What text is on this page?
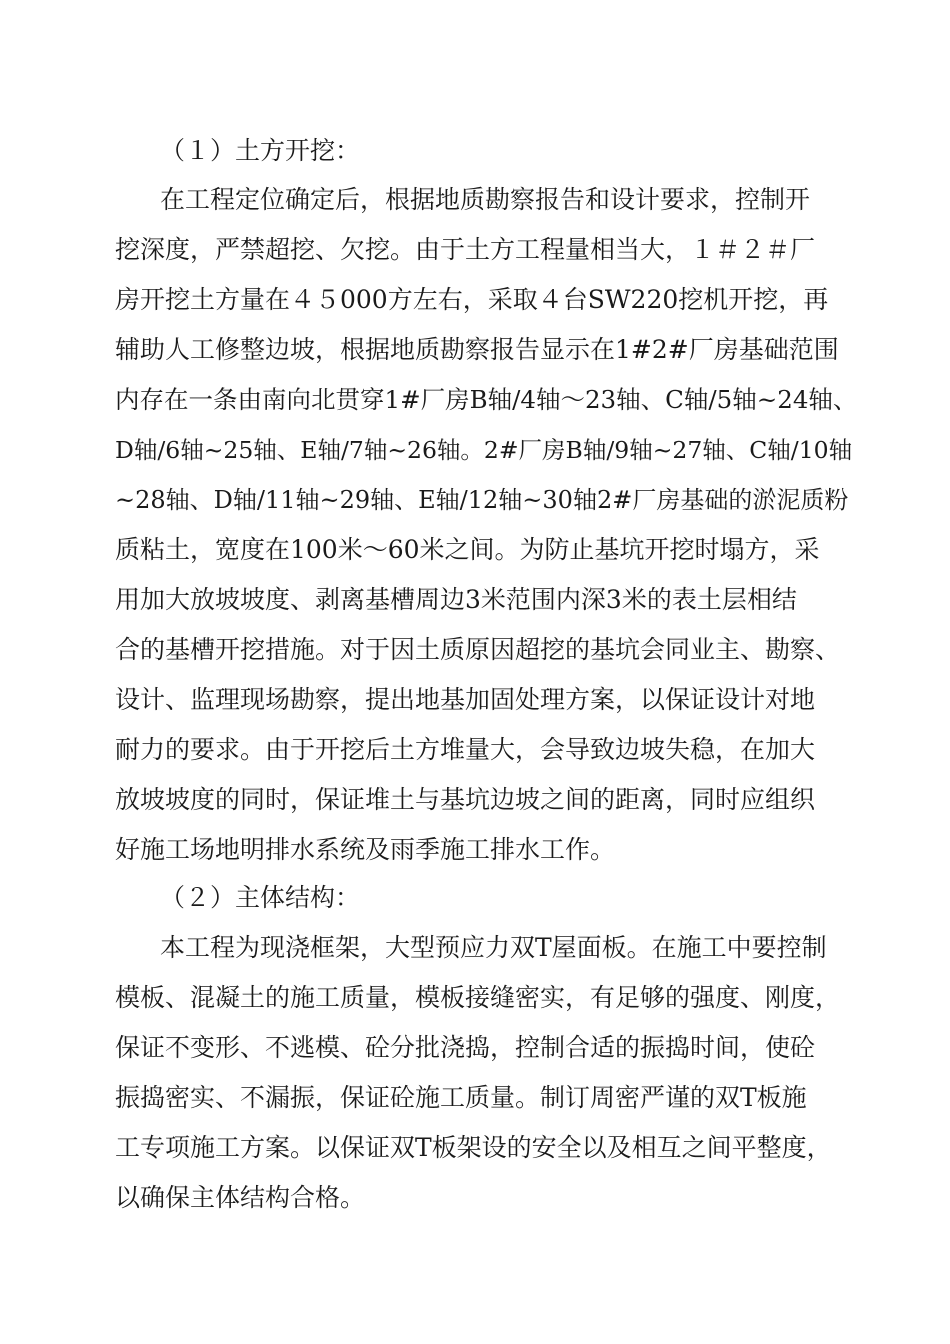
（１）土方开挖：
在工程定位确定后，根据地质勘察报告和设计要求，控制开
挖深度，严禁超挖、欠挖。由于土方工程量相当大，１＃２＃厂
房开挖土方量在４５000方左右，采取４台SW220挖机开挖，再
辅助人工修整边坡，根据地质勘察报告显示在1#2#厂房基础范围
内存在一条由南向北贯穿1#厂房B轴/4轴～23轴、C轴/5轴~24轴、
D轴/6轴~25轴、E轴/7轴~26轴。2#厂房B轴/9轴~27轴、C轴/10轴
~28轴、D轴/11轴~29轴、E轴/12轴~30轴2#厂房基础的淤泥质粉
质粘土，宽度在100米～60米之间。为防止基坑开挖时塌方，采
用加大放坡坡度、剥离基槽周边3米范围内深3米的表土层相结
合的基槽开挖措施。对于因土质原因超挖的基坑会同业主、勘察、
设计、监理现场勘察，提出地基加固处理方案，以保证设计对地
耐力的要求。由于开挖后土方堆量大，会导致边坡失稳，在加大
放坡坡度的同时，保证堆土与基坑边坡之间的距离，同时应组织
好施工场地明排水系统及雨季施工排水工作。
（２）主体结构：
本工程为现浇框架，大型预应力双T屋面板。在施工中要控制
模板、混凝土的施工质量，模板接缝密实，有足够的强度、刚度，
保证不变形、不逃模、砼分批浇捣，控制合适的振捣时间，使砼
振捣密实、不漏振，保证砼施工质量。制订周密严谨的双T板施
工专项施工方案。以保证双T板架设的安全以及相互之间平整度，
以确保主体结构合格。
